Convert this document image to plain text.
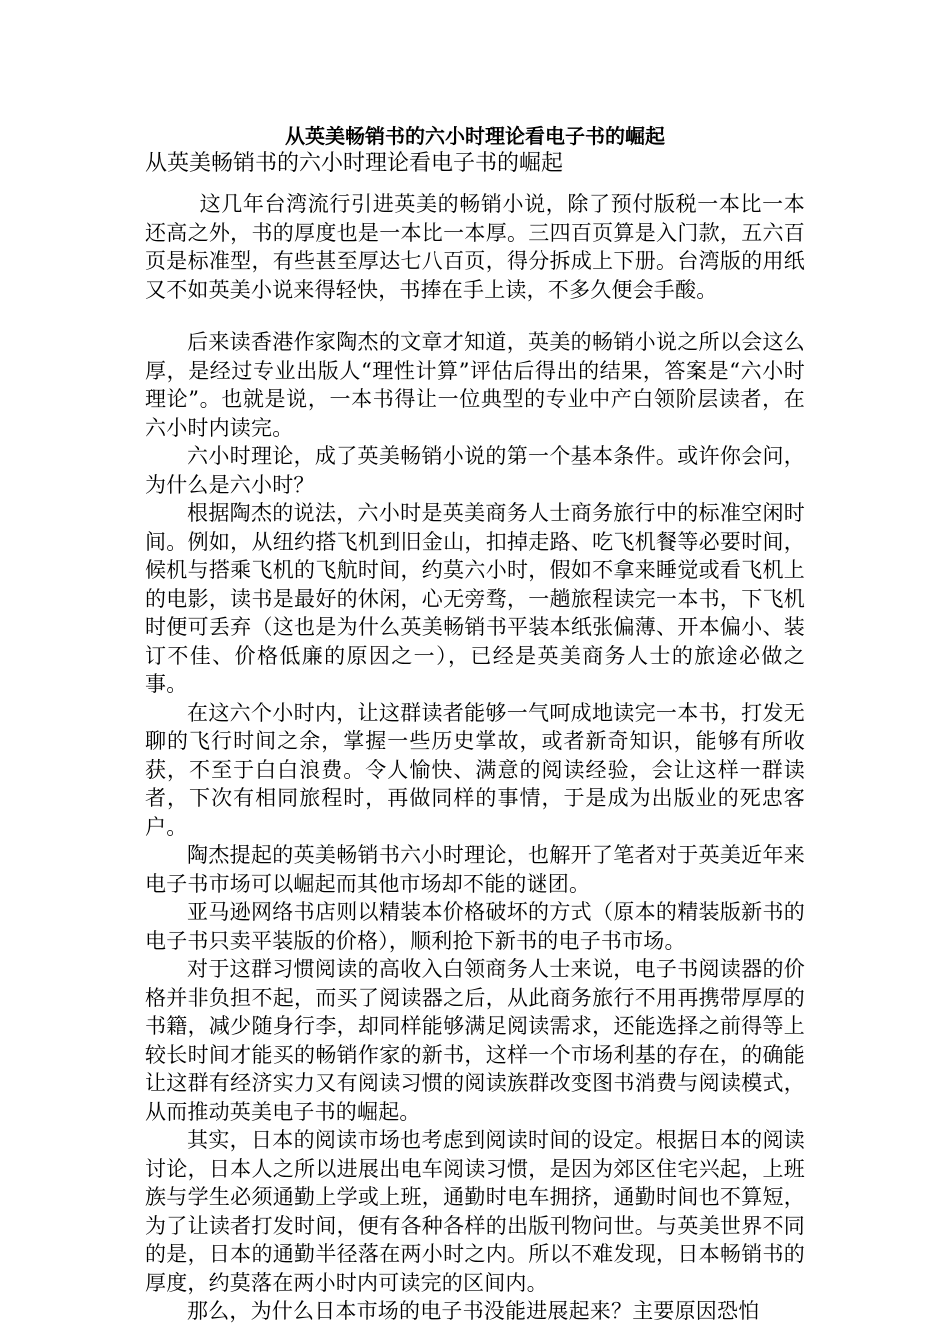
从英美畅销书的六小时理论看电子书的崛起

从英美畅销书的六小时理论看电子书的崛起

这几年台湾流行引进英美的畅销小说，除了预付版税一本比一本还高之外，书的厚度也是一本比一本厚。三四百页算是入门款，五六百页是标准型，有些甚至厚达七八百页，得分拆成上下册。台湾版的用纸又不如英美小说来得轻快，书捧在手上读，不多久便会手酸。

后来读香港作家陶杰的文章才知道，英美的畅销小说之所以会这么厚，是经过专业出版人“理性计算”评估后得出的结果，答案是“六小时理论”。也就是说，一本书得让一位典型的专业中产白领阶层读者，在六小时内读完。

六小时理论，成了英美畅销小说的第一个基本条件。或许你会问，为什么是六小时？

根据陶杰的说法，六小时是英美商务人士商务旅行中的标准空闲时间。例如，从纽约搭飞机到旧金山，扣掉走路、吃飞机餐等必要时间，候机与搭乘飞机的飞航时间，约莫六小时，假如不拿来睡觉或看飞机上的电影，读书是最好的休闲，心无旁骛，一趟旅程读完一本书，下飞机时便可丢弃（这也是为什么英美畅销书平装本纸张偏薄、开本偏小、装订不佳、价格低廉的原因之一），已经是英美商务人士的旅途必做之事。

在这六个小时内，让这群读者能够一气呵成地读完一本书，打发无聊的飞行时间之余，掌握一些历史掌故，或者新奇知识，能够有所收获，不至于白白浪费。令人愉快、满意的阅读经验，会让这样一群读者，下次有相同旅程时，再做同样的事情，于是成为出版业的死忠客户。

陶杰提起的英美畅销书六小时理论，也解开了笔者对于英美近年来电子书市场可以崛起而其他市场却不能的谜团。

亚马逊网络书店则以精装本价格破坏的方式（原本的精装版新书的电子书只卖平装版的价格），顺利抢下新书的电子书市场。

对于这群习惯阅读的高收入白领商务人士来说，电子书阅读器的价格并非负担不起，而买了阅读器之后，从此商务旅行不用再携带厚厚的书籍，减少随身行李，却同样能够满足阅读需求，还能选择之前得等上较长时间才能买的畅销作家的新书，这样一个市场利基的存在，的确能让这群有经济实力又有阅读习惯的阅读族群改变图书消费与阅读模式，从而推动英美电子书的崛起。

其实，日本的阅读市场也考虑到阅读时间的设定。根据日本的阅读讨论，日本人之所以进展出电车阅读习惯，是因为郊区住宅兴起，上班族与学生必须通勤上学或上班，通勤时电车拥挤，通勤时间也不算短，为了让读者打发时间，便有各种各样的出版刊物问世。与英美世界不同的是，日本的通勤半径落在两小时之内。所以不难发现，日本畅销书的厚度，约莫落在两小时内可读完的区间内。

那么，为什么日本市场的电子书没能进展起来？主要原因恐怕
